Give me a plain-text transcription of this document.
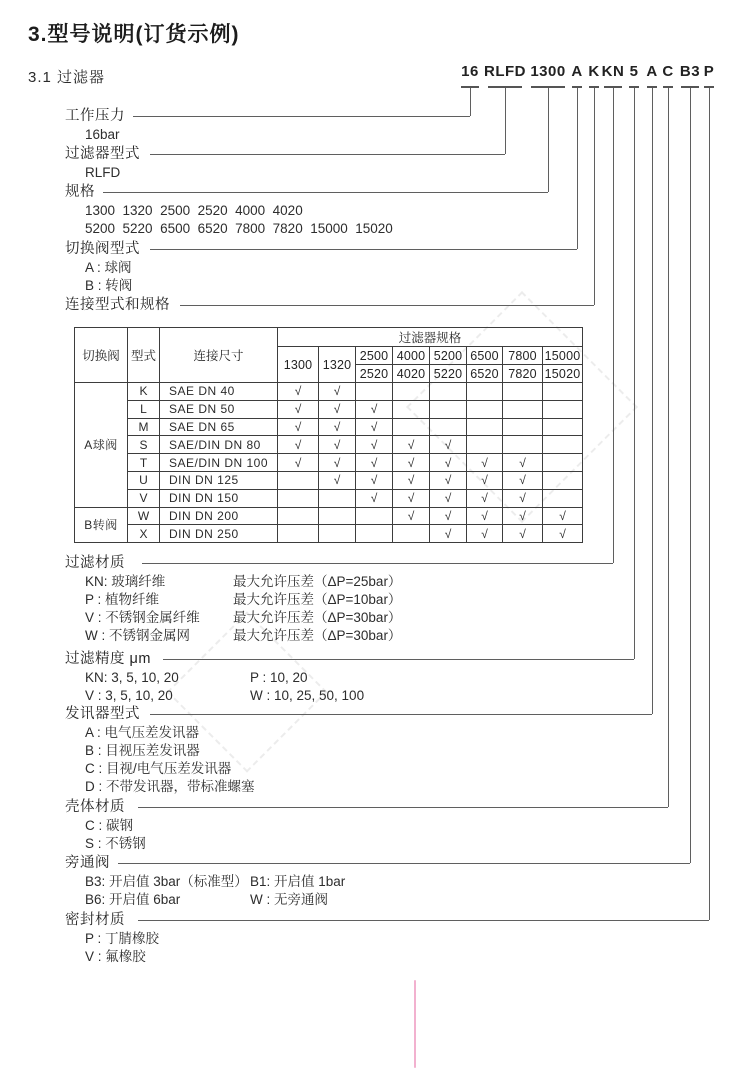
3.型号说明(订货示例)
3.1 过滤器	16 RLFD 1300 A K KN 5 A C B3 P
工作压力
16bar
过滤器型式
RLFD
规格
1300  1320  2500  2520  4000  4020
5200  5220  6500  6520  7800  7820  15000  15020
切换阀型式
A : 球阀
B : 转阀
连接型式和规格
过滤材质
KN: 玻璃纤维	最大允许压差（ΔP=25bar）
P : 植物纤维	最大允许压差（ΔP=10bar）
V : 不锈钢金属纤维 最大允许压差（ΔP=30bar）
W : 不锈钢金属网	最大允许压差（ΔP=30bar）
过滤精度 μm
KN: 3, 5, 10, 20	P : 10, 20
V : 3, 5, 10, 20	W : 10, 25, 50, 100
发讯器型式
A : 电气压差发讯器
B : 目视压差发讯器
C : 目视/电气压差发讯器
D : 不带发讯器，带标准螺塞
壳体材质
C : 碳钢
S : 不锈钢
旁通阀
B3: 开启值 3bar（标准型） B1: 开启值 1bar
B6: 开启值 6bar	W : 无旁通阀
密封材质
P : 丁腈橡胶
V : 氟橡胶
切换阀	型式	连接尺寸	过滤器规格							
			1300	1320	2500	4000	5200	6500	7800	15000
					2520	4020	5220	6520	7820	15020
A球阀	K	SAE DN 40	√	√						
	L	SAE DN 50	√	√	√					
	M	SAE DN 65	√	√	√					
	S	SAE/DIN DN 80	√	√	√	√	√			
	T	SAE/DIN DN 100	√	√	√	√	√	√	√	
	U	DIN DN 125		√	√	√	√	√	√	
	V	DIN DN 150			√	√	√	√	√	
B转阀	W	DIN DN 200				√	√	√	√	√
	X	DIN DN 250					√	√	√	√
